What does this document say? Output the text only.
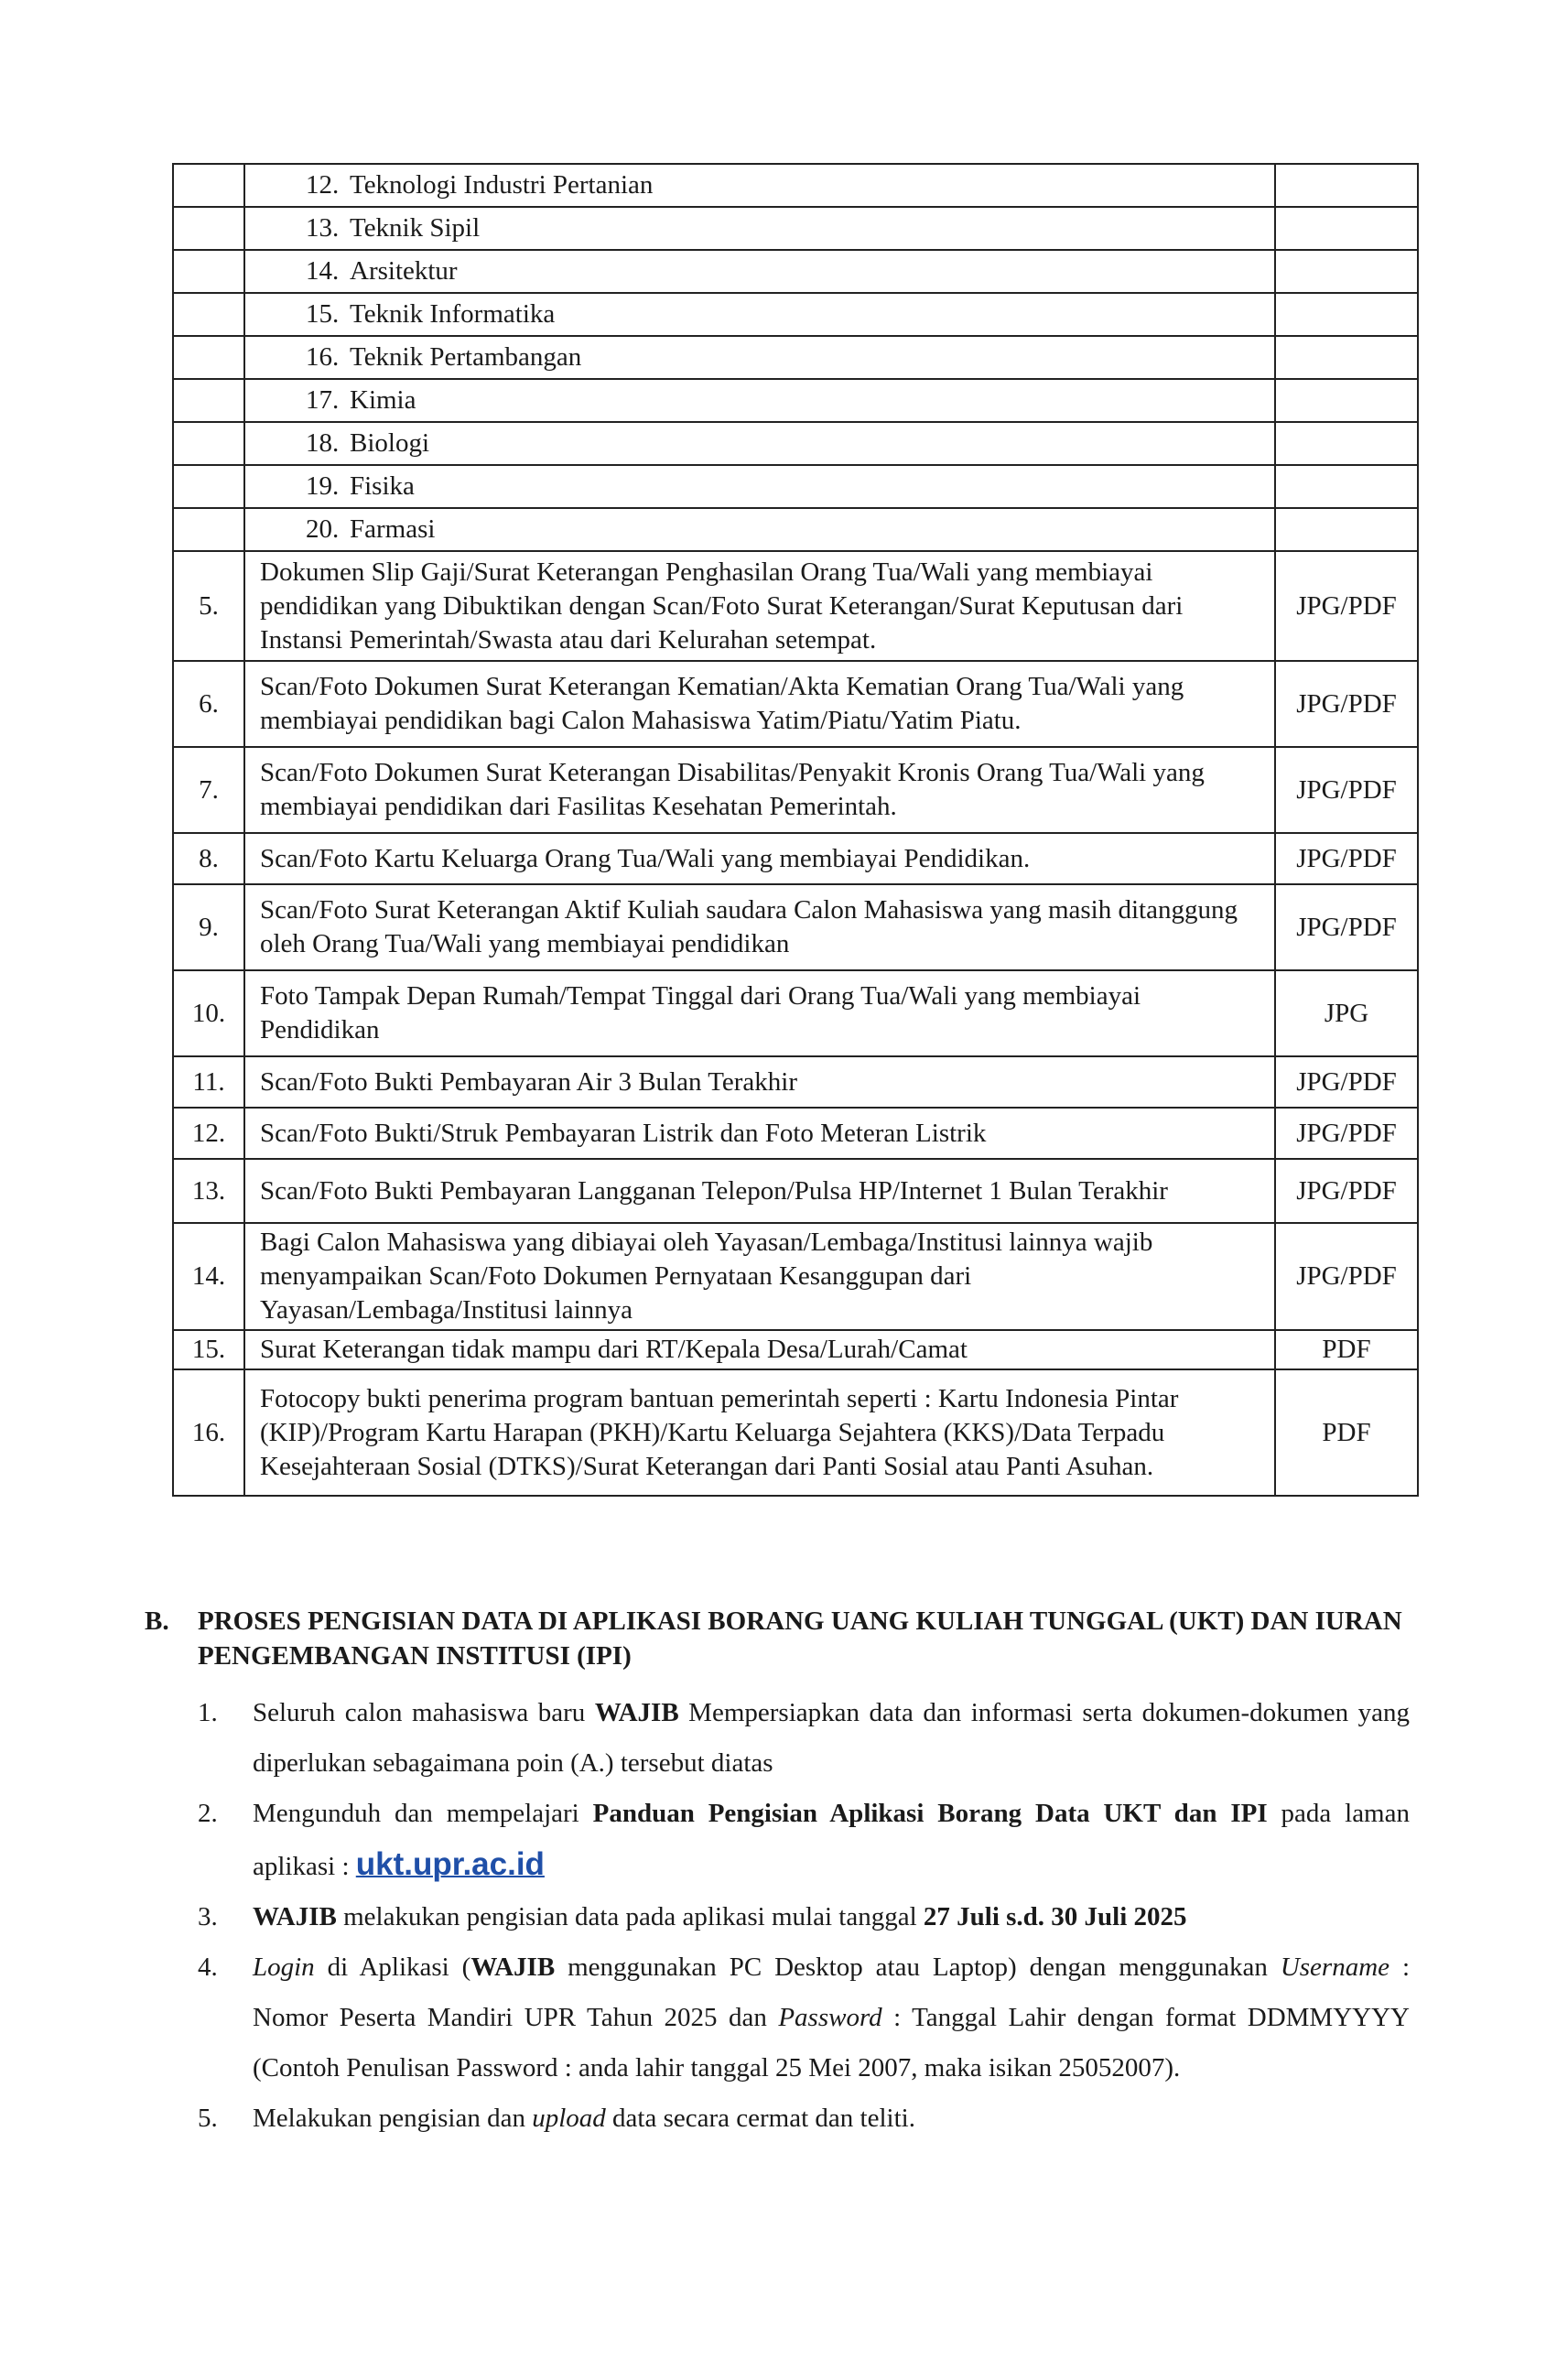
	12. Teknologi Industri Pertanian	
	13. Teknik Sipil	
	14. Arsitektur	
	15. Teknik Informatika	
	16. Teknik Pertambangan	
	17. Kimia	
	18. Biologi	
	19. Fisika	
	20. Farmasi	
5.	Dokumen Slip Gaji/Surat Keterangan Penghasilan Orang Tua/Wali yang membiayai pendidikan yang Dibuktikan dengan Scan/Foto Surat Keterangan/Surat Keputusan dari Instansi Pemerintah/Swasta atau dari Kelurahan setempat.	JPG/PDF
6.	Scan/Foto Dokumen Surat Keterangan Kematian/Akta Kematian Orang Tua/Wali yang membiayai pendidikan bagi Calon Mahasiswa Yatim/Piatu/Yatim Piatu.	JPG/PDF
7.	Scan/Foto Dokumen Surat Keterangan Disabilitas/Penyakit Kronis Orang Tua/Wali yang membiayai pendidikan dari Fasilitas Kesehatan Pemerintah.	JPG/PDF
8.	Scan/Foto Kartu Keluarga Orang Tua/Wali yang membiayai Pendidikan.	JPG/PDF
9.	Scan/Foto Surat Keterangan Aktif Kuliah saudara Calon Mahasiswa yang masih ditanggung oleh Orang Tua/Wali yang membiayai pendidikan	JPG/PDF
10.	Foto Tampak Depan Rumah/Tempat Tinggal dari Orang Tua/Wali yang membiayai Pendidikan	JPG
11.	Scan/Foto Bukti Pembayaran Air 3 Bulan Terakhir	JPG/PDF
12.	Scan/Foto Bukti/Struk Pembayaran Listrik dan Foto Meteran Listrik	JPG/PDF
13.	Scan/Foto Bukti Pembayaran Langganan Telepon/Pulsa HP/Internet 1 Bulan Terakhir	JPG/PDF
14.	Bagi Calon Mahasiswa yang dibiayai oleh Yayasan/Lembaga/Institusi lainnya wajib menyampaikan Scan/Foto Dokumen Pernyataan Kesanggupan dari Yayasan/Lembaga/Institusi lainnya	JPG/PDF
15.	Surat Keterangan tidak mampu dari RT/Kepala Desa/Lurah/Camat	PDF
16.	Fotocopy bukti penerima program bantuan pemerintah seperti : Kartu Indonesia Pintar (KIP)/Program Kartu Harapan (PKH)/Kartu Keluarga Sejahtera (KKS)/Data Terpadu Kesejahteraan Sosial (DTKS)/Surat Keterangan dari Panti Sosial atau Panti Asuhan.	PDF
B.	PROSES PENGISIAN DATA DI APLIKASI BORANG UANG KULIAH TUNGGAL (UKT) DAN IURAN PENGEMBANGAN INSTITUSI (IPI)
1.	Seluruh calon mahasiswa baru WAJIB Mempersiapkan data dan informasi serta dokumen-dokumen yang diperlukan sebagaimana poin (A.) tersebut diatas
2.	Mengunduh dan mempelajari Panduan Pengisian Aplikasi Borang Data UKT dan IPI pada laman aplikasi : ukt.upr.ac.id
3.	WAJIB melakukan pengisian data pada aplikasi mulai tanggal 27 Juli s.d. 30 Juli 2025
4.	Login di Aplikasi (WAJIB menggunakan PC Desktop atau Laptop) dengan menggunakan Username : Nomor Peserta Mandiri UPR Tahun 2025 dan Password : Tanggal Lahir dengan format DDMMYYYY (Contoh Penulisan Password : anda lahir tanggal 25 Mei 2007, maka isikan 25052007).
5.	Melakukan pengisian dan upload data secara cermat dan teliti.
